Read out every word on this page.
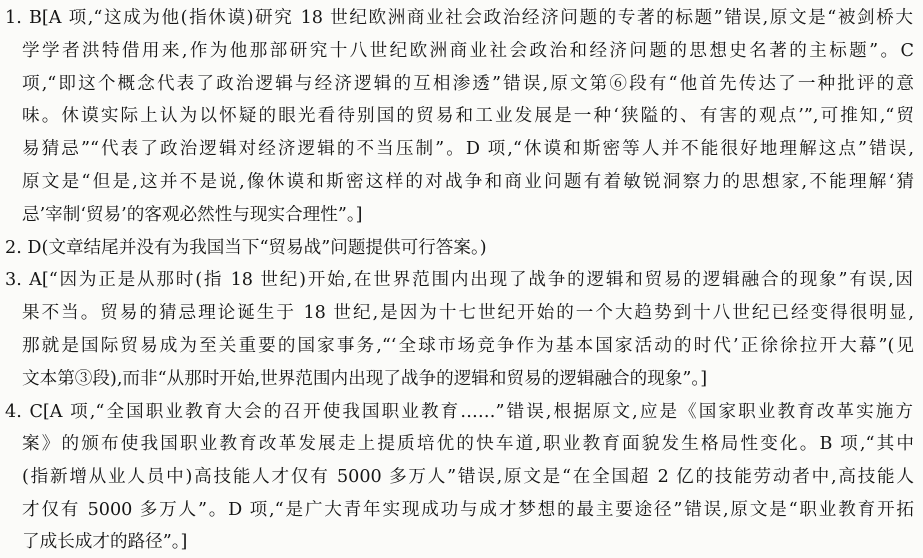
1. B[A 项,“这成为他(指休谟)研究 18 世纪欧洲商业社会政治经济问题的专著的标题”错误,原文是“被剑桥大
学学者洪特借用来,作为他那部研究十八世纪欧洲商业社会政治和经济问题的思想史名著的主标题”。C
项,“即这个概念代表了政治逻辑与经济逻辑的互相渗透”错误,原文第⑥段有“他首先传达了一种批评的意
味。休谟实际上认为以怀疑的眼光看待别国的贸易和工业发展是一种‘狭隘的、有害的观点’”,可推知,“贸
易猜忌”“代表了政治逻辑对经济逻辑的不当压制”。D 项,“休谟和斯密等人并不能很好地理解这点”错误,
原文是“但是,这并不是说,像休谟和斯密这样的对战争和商业问题有着敏锐洞察力的思想家,不能理解‘猜
忌’宰制‘贸易’的客观必然性与现实合理性”。]
2. D(文章结尾并没有为我国当下“贸易战”问题提供可行答案。)
3. A[“因为正是从那时(指 18 世纪)开始,在世界范围内出现了战争的逻辑和贸易的逻辑融合的现象”有误,因
果不当。贸易的猜忌理论诞生于 18 世纪,是因为十七世纪开始的一个大趋势到十八世纪已经变得很明显,
那就是国际贸易成为至关重要的国家事务,“‘全球市场竞争作为基本国家活动的时代’正徐徐拉开大幕”(见
文本第③段),而非“从那时开始,世界范围内出现了战争的逻辑和贸易的逻辑融合的现象”。]
4. C[A 项,“全国职业教育大会的召开使我国职业教育……”错误,根据原文,应是《国家职业教育改革实施方
案》的颁布使我国职业教育改革发展走上提质培优的快车道,职业教育面貌发生格局性变化。B 项,“其中
(指新增从业人员中)高技能人才仅有 5000 多万人”错误,原文是“在全国超 2 亿的技能劳动者中,高技能人
才仅有 5000 多万人”。D 项,“是广大青年实现成功与成才梦想的最主要途径”错误,原文是“职业教育开拓
了成长成才的路径”。]
